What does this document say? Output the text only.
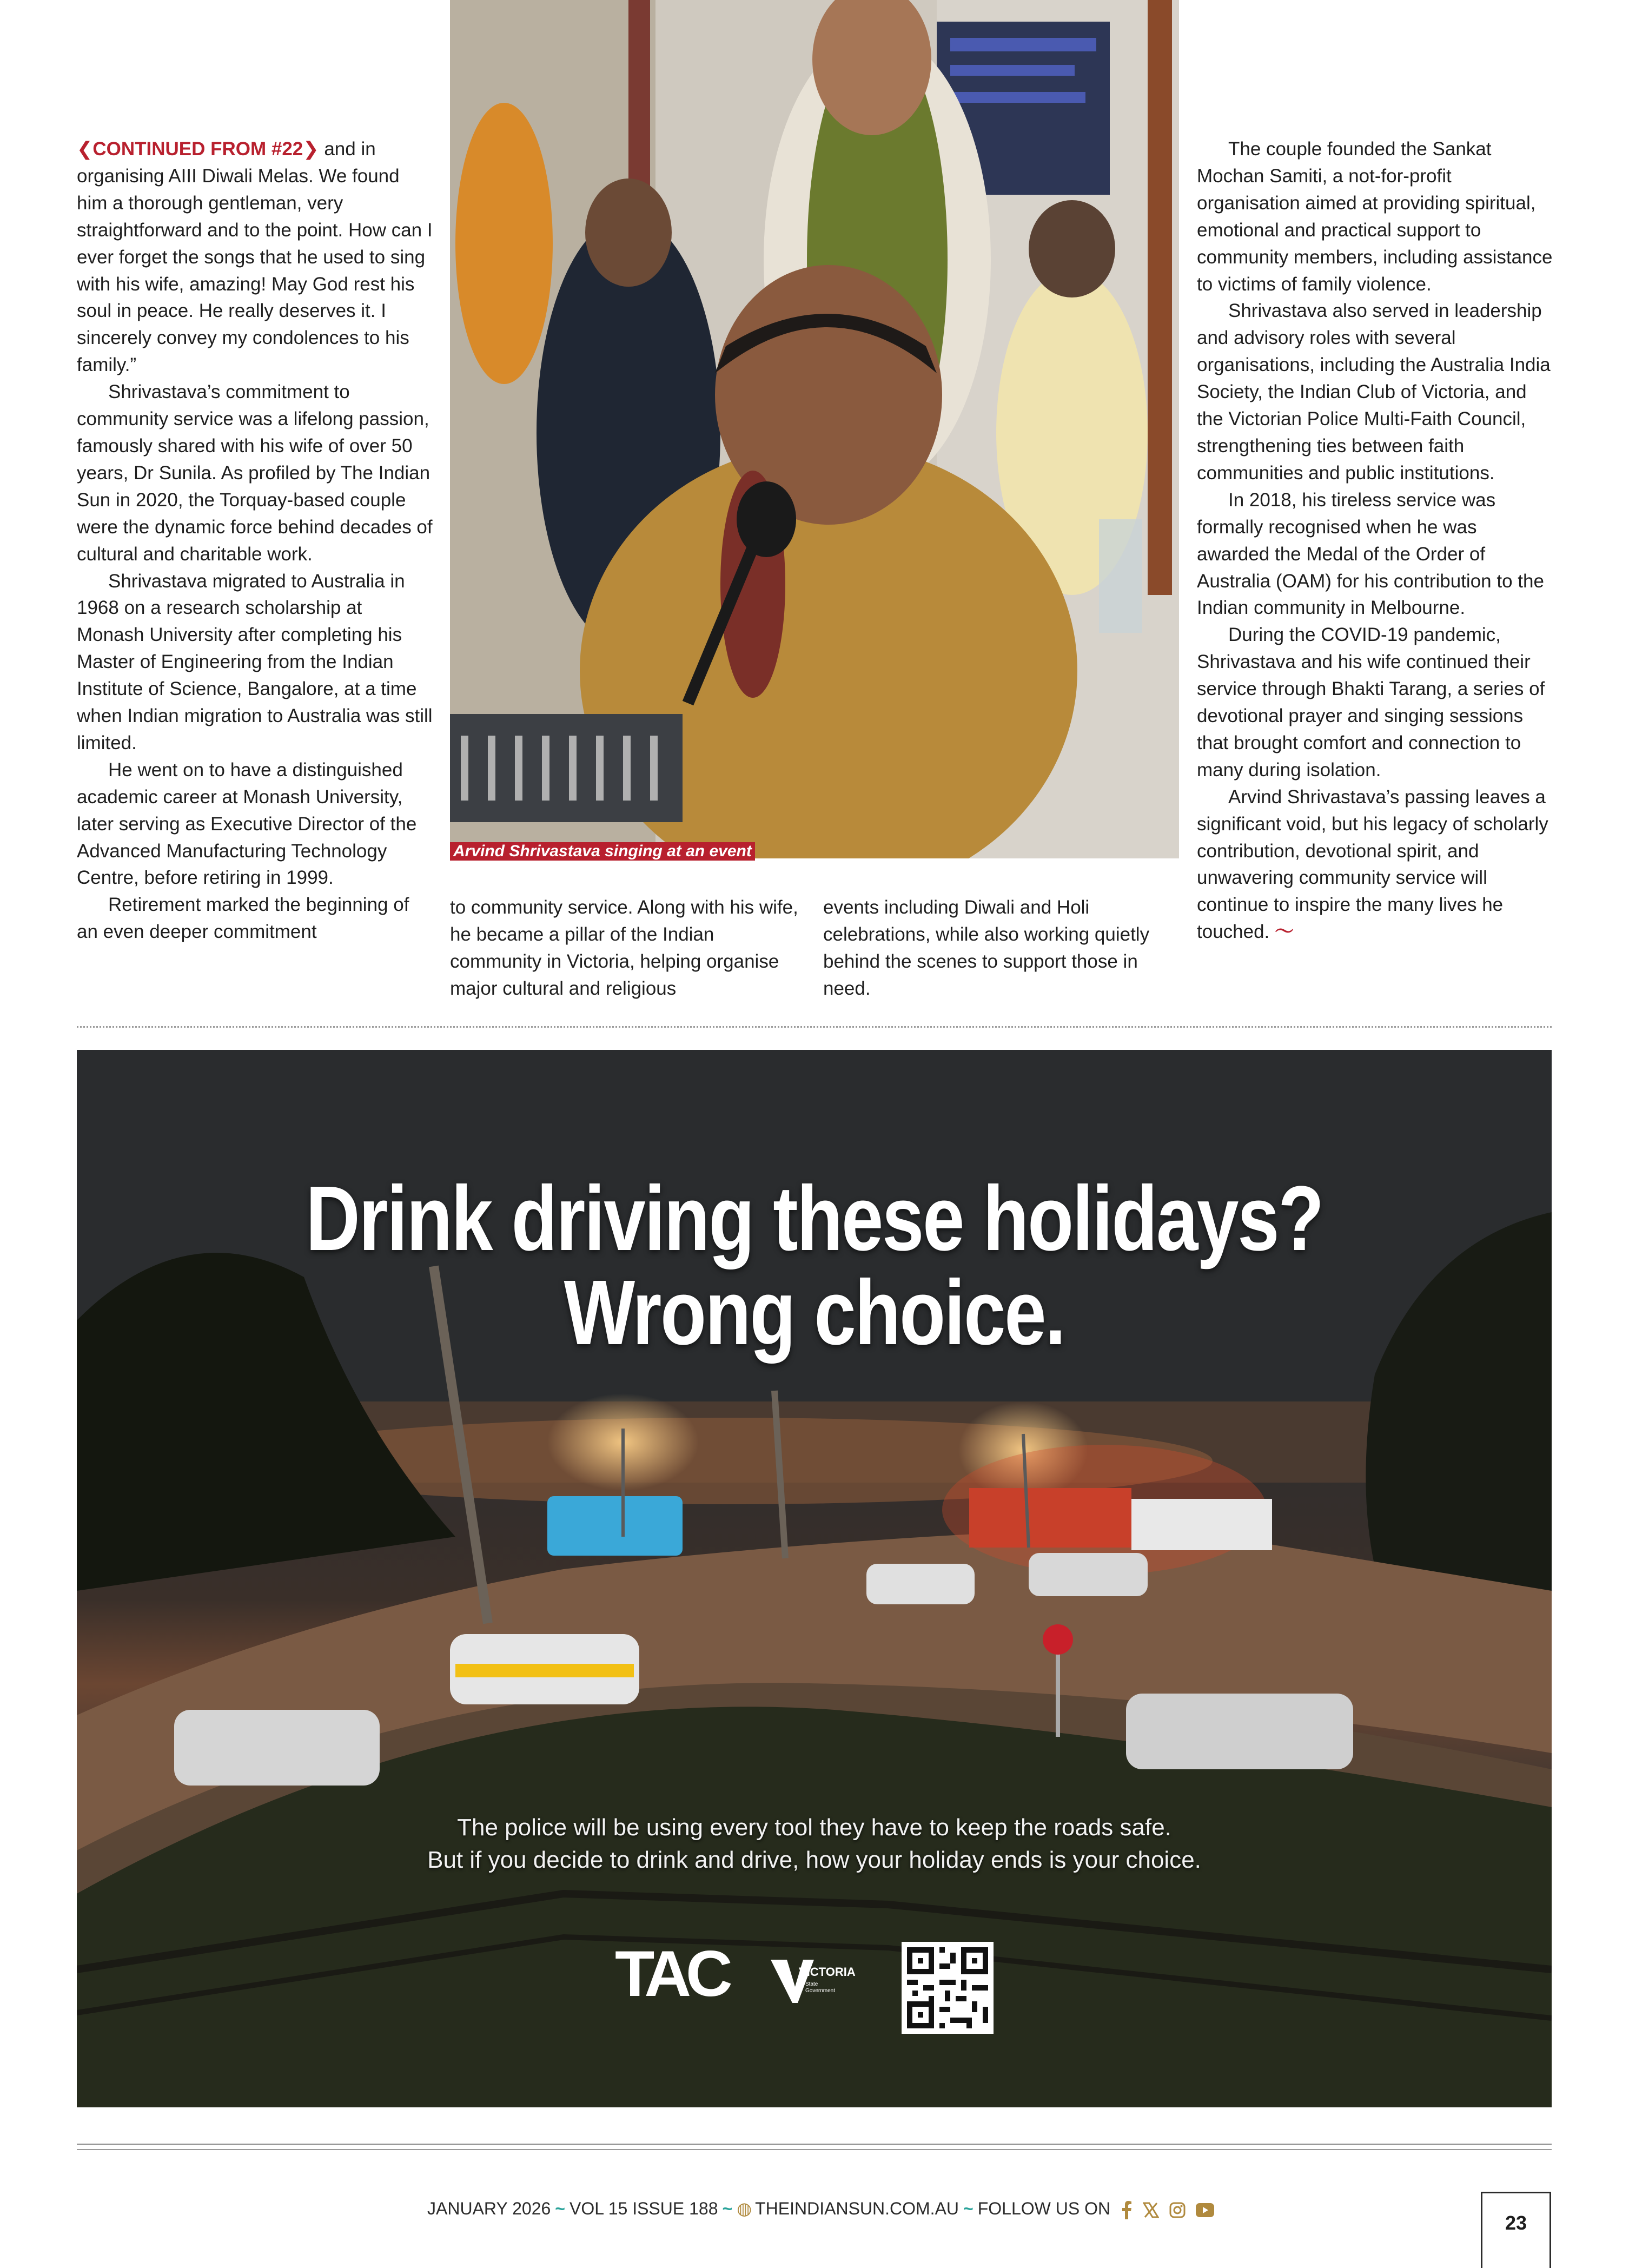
❮CONTINUED FROM #22❯ and in organising AIII Diwali Melas. We found him a thorough gentleman, very straightforward and to the point. How can I ever forget the songs that he used to sing with his wife, amazing! May God rest his soul in peace. He really deserves it. I sincerely convey my condolences to his family.”

Shrivastava’s commitment to community service was a lifelong passion, famously shared with his wife of over 50 years, Dr Sunila. As profiled by The Indian Sun in 2020, the Torquay-based couple were the dynamic force behind decades of cultural and charitable work.

Shrivastava migrated to Australia in 1968 on a research scholarship at Monash University after completing his Master of Engineering from the Indian Institute of Science, Bangalore, at a time when Indian migration to Australia was still limited.

He went on to have a distinguished academic career at Monash University, later serving as Executive Director of the Advanced Manufacturing Technology Centre, before retiring in 1999.

Retirement marked the beginning of an even deeper commitment

Arvind Shrivastava singing at an event

to community service. Along with his wife, he became a pillar of the Indian community in Victoria, helping organise major cultural and religious

events including Diwali and Holi celebrations, while also working quietly behind the scenes to support those in need.

The couple founded the Sankat Mochan Samiti, a not-for-profit organisation aimed at providing spiritual, emotional and practical support to community members, including assistance to victims of family violence.

Shrivastava also served in leadership and advisory roles with several organisations, including the Australia India Society, the Indian Club of Victoria, and the Victorian Police Multi-Faith Council, strengthening ties between faith communities and public institutions.

In 2018, his tireless service was formally recognised when he was awarded the Medal of the Order of Australia (OAM) for his contribution to the Indian community in Melbourne.

During the COVID-19 pandemic, Shrivastava and his wife continued their service through Bhakti Tarang, a series of devotional prayer and singing sessions that brought comfort and connection to many during isolation.

Arvind Shrivastava’s passing leaves a significant void, but his legacy of scholarly contribution, devotional spirit, and unwavering community service will continue to inspire the many lives he touched. 〜

Drink driving these holidays?
Wrong choice.
The police will be using every tool they have to keep the roads safe.
But if you decide to drink and drive, how your holiday ends is your choice.
TAC	VICTORIA
State
Government
JANUARY 2026 ~ VOL 15 ISSUE 188 ~ ◍ THEINDIANSUN.COM.AU ~ FOLLOW US ON
23
